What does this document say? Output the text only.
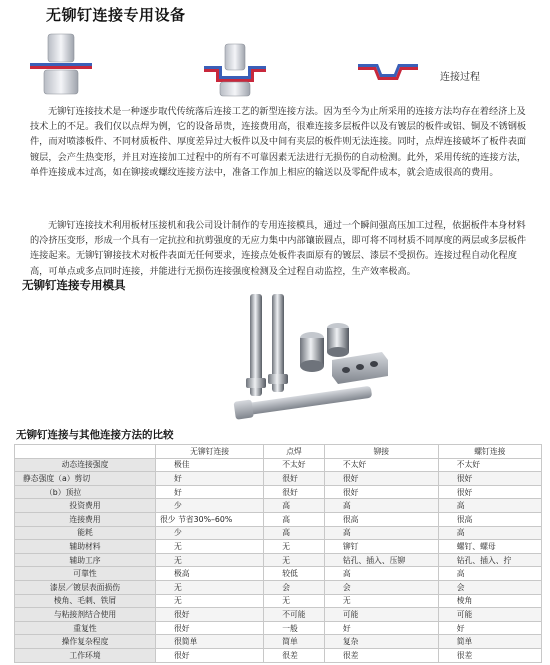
无铆钉连接专用设备
连接过程

无铆钉连接技术是一种逐步取代传统落后连接工艺的新型连接方法。因为至今为止所采用的连接方法均存在着经济上及技术上的不足。我们仅以点焊为例，它的设备昂贵，连接费用高，很难连接多层板件以及有镀层的板件或铝、铜及不锈钢板件，而对喷漆板件、不同材质板件、厚度差异过大板件以及中间有夹层的板件则无法连接。同时，点焊连接破坏了板件表面镀层，会产生热变形，并且对连接加工过程中的所有不可靠因素无法进行无损伤的自动检测。此外，采用传统的连接方法，单件连接成本过高，如在铆接或螺纹连接方法中，准备工作加上相应的输送以及零配件成本，就会造成很高的费用。

无铆钉连接技术利用板材压接机和我公司设计制作的专用连接模具，通过一个瞬间强高压加工过程，依据板件本身材料的冷挤压变形，形成一个具有一定抗拉和抗剪强度的无应力集中内部镶嵌圆点，即可将不同材质不同厚度的两层或多层板件连接起来。无铆钉铆接技术对板件表面无任何要求，连接点处板件表面原有的镀层、漆层不受损伤。连接过程自动化程度高，可单点或多点同时连接，并能进行无损伤连接强度检测及全过程自动监控，生产效率极高。

无铆钉连接专用模具
无铆钉连接与其他连接方法的比较
	无铆钉连接	点焊	铆接	螺钉连接
动态连接强度	极佳	不太好	不太好	不太好
静态强度（a）剪切	好	很好	很好	很好
（b）顶拉	好	很好	很好	很好
投资费用	少	高	高	高
连接费用	很少 节省30%–60%	高	很高	很高
能耗	少	高	高	高
辅助材料	无	无	铆钉	螺钉、螺母
辅助工序	无	无	钻孔、插入、压铆	钻孔、插入、拧
可靠性	极高	较低	高	高
漆层／镀层表面损伤	无	会	会	会
棱角、毛刺、铁屑	无	无	无	棱角
与粘接剂结合使用	很好	不可能	可能	可能
重复性	很好	一般	好	好
操作复杂程度	很简单	简单	复杂	简单
工作环境	很好	很差	很差	很差
